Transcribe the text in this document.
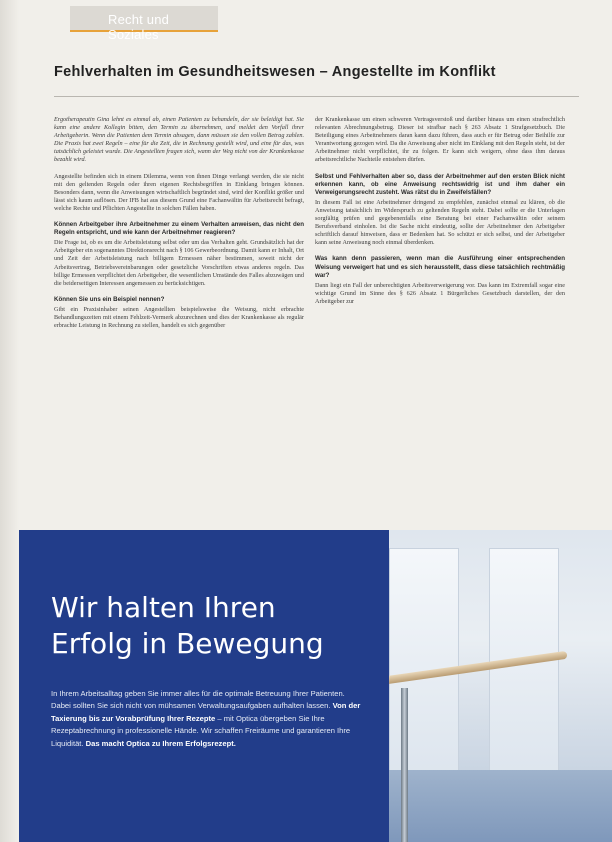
Recht und Soziales
Fehlverhalten im Gesundheitswesen – Angestellte im Konflikt

Ergotherapeutin Gina lehnt es einmal ab, einen Patienten zu behandeln, der sie beleidigt hat. Sie kann eine andere Kollegin bitten, den Termin zu übernehmen, und meldet den Vorfall ihrer Arbeitgeberin. Wenn die Patienten dem Termin absagen, dann müssen sie den vollen Betrag zahlen. Die Praxis hat zwei Regeln – eine für die Zeit, die in Rechnung gestellt wird, und eine für das, was tatsächlich geleistet wurde. Die Angestellten fragen sich, wann der Weg nicht von der Krankenkasse bezahlt wird.

Angestellte befinden sich in einem Dilemma, wenn von ihnen Dinge verlangt werden, die sie nicht mit den geltenden Regeln oder ihren eigenen Rechtsbegriffen in Einklang bringen können. Besonders dann, wenn die Anweisungen wirtschaftlich begründet sind, wird der Konflikt größer und lässt sich kaum auflösen. Der IFB hat aus diesem Grund eine Fachanwältin für Arbeitsrecht befragt, welche Rechte und Pflichten Angestellte in solchen Fällen haben.

Können Arbeitgeber ihre Arbeitnehmer zu einem Verhalten anweisen, das nicht den Regeln entspricht, und wie kann der Arbeitnehmer reagieren?

Die Frage ist, ob es um die Arbeitsleistung selbst oder um das Verhalten geht. Grundsätzlich hat der Arbeitgeber ein sogenanntes Direktionsrecht nach § 106 Gewerbeordnung. Damit kann er Inhalt, Ort und Zeit der Arbeitsleistung nach billigem Ermessen näher bestimmen, soweit nicht der Arbeitsvertrag, Betriebsvereinbarungen oder gesetzliche Vorschriften etwas anderes regeln. Das billige Ermessen verpflichtet den Arbeitgeber, die wesentlichen Umstände des Falles abzuwägen und die beiderseitigen Interessen angemessen zu berücksichtigen.

Können Sie uns ein Beispiel nennen?

Gibt ein Praxisinhaber seinen Angestellten beispielsweise die Weisung, nicht erbrachte Behandlungszeiten mit einem Fehlzeit-Vermerk abzurechnen und dies der Krankenkasse als regulär erbrachte Leistung in Rechnung zu stellen, handelt es sich gegenüber

der Krankenkasse um einen schweren Vertragsverstoß und darüber hinaus um einen strafrechtlich relevanten Abrechnungsbetrug. Dieser ist strafbar nach § 263 Absatz 1 Strafgesetzbuch. Die Beteiligung eines Arbeitnehmers daran kann dazu führen, dass auch er für Betrug oder Beihilfe zur Verantwortung gezogen wird. Da die Anweisung aber nicht im Einklang mit den Regeln steht, ist der Arbeitnehmer nicht verpflichtet, ihr zu folgen. Er kann sich weigern, ohne dass ihm daraus arbeitsrechtliche Nachteile entstehen dürfen.

Selbst und Fehlverhalten aber so, dass der Arbeitnehmer auf den ersten Blick nicht erkennen kann, ob eine Anweisung rechtswidrig ist und ihm daher ein Verweigerungsrecht zusteht. Was rätst du in Zweifelsfällen?

In diesem Fall ist eine Arbeitnehmer dringend zu empfehlen, zunächst einmal zu klären, ob die Anweisung tatsächlich im Widerspruch zu geltenden Regeln steht. Dabei sollte er die Unterlagen sorgfältig prüfen und gegebenenfalls eine Beratung bei einer Fachanwältin oder seinem Berufsverband einholen. Ist die Sache nicht eindeutig, sollte der Arbeitnehmer den Arbeitgeber schriftlich darauf hinweisen, dass er Bedenken hat. So schützt er sich selbst, und der Arbeitgeber kann seine Anweisung noch einmal überdenken.

Was kann denn passieren, wenn man die Ausführung einer entsprechenden Weisung verweigert hat und es sich herausstellt, dass diese tatsächlich rechtmäßig war?

Dann liegt ein Fall der unberechtigten Arbeitsverweigerung vor. Das kann im Extremfall sogar eine wichtige Grund im Sinne des § 626 Absatz 1 Bürgerliches Gesetzbuch darstellen, der den Arbeitgeber zur

Wir halten Ihren
Erfolg in Bewegung
In Ihrem Arbeitsalltag geben Sie immer alles für die optimale Betreuung Ihrer Patienten. Dabei sollten Sie sich nicht von mühsamen Verwaltungsaufgaben aufhalten lassen. Von der Taxierung bis zur Vorabprüfung Ihrer Rezepte – mit Optica übergeben Sie Ihre Rezeptabrechnung in professionelle Hände. Wir schaffen Freiräume und garantieren Ihre Liquidität. Das macht Optica zu Ihrem Erfolgsrezept.
